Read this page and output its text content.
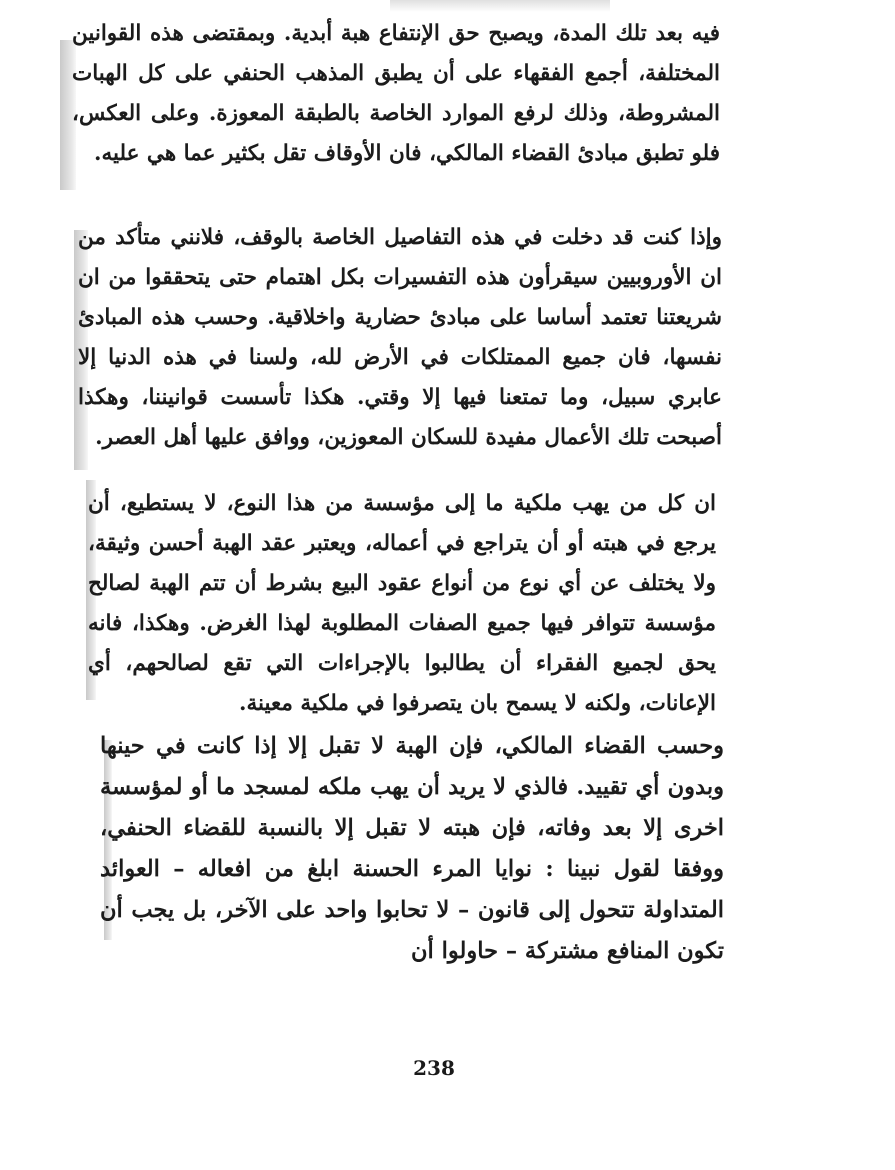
فيه بعد تلك المدة، ويصبح حق الإنتفاع هبة أبدية. وبمقتضى هذه القوانين المختلفة، أجمع الفقهاء على أن يطبق المذهب الحنفي على كل الهبات المشروطة، وذلك لرفع الموارد الخاصة بالطبقة المعوزة. وعلى العكس، فلو تطبق مبادئ القضاء المالكي، فان الأوقاف تقل بكثير عما هي عليه.

وإذا كنت قد دخلت في هذه التفاصيل الخاصة بالوقف، فلانني متأكد من ان الأوروبيين سيقرأون هذه التفسيرات بكل اهتمام حتى يتحققوا من ان شريعتنا تعتمد أساسا على مبادئ حضارية واخلاقية. وحسب هذه المبادئ نفسها، فان جميع الممتلكات في الأرض لله، ولسنا في هذه الدنيا إلا عابري سبيل، وما تمتعنا فيها إلا وقتي. هكذا تأسست قوانيننا، وهكذا أصبحت تلك الأعمال مفيدة للسكان المعوزين، ووافق عليها أهل العصر.

ان كل من يهب ملكية ما إلى مؤسسة من هذا النوع، لا يستطيع، أن يرجع في هبته أو أن يتراجع في أعماله، ويعتبر عقد الهبة أحسن وثيقة، ولا يختلف عن أي نوع من أنواع عقود البيع بشرط أن تتم الهبة لصالح مؤسسة تتوافر فيها جميع الصفات المطلوبة لهذا الغرض. وهكذا، فانه يحق لجميع الفقراء أن يطالبوا بالإجراءات التي تقع لصالحهم، أي الإعانات، ولكنه لا يسمح بان يتصرفوا في ملكية معينة.

وحسب القضاء المالكي، فإن الهبة لا تقبل إلا إذا كانت في حينها وبدون أي تقييد. فالذي لا يريد أن يهب ملكه لمسجد ما أو لمؤسسة اخرى إلا بعد وفاته، فإن هبته لا تقبل إلا بالنسبة للقضاء الحنفي، ووفقا لقول نبينا : نوايا المرء الحسنة ابلغ من افعاله – العوائد المتداولة تتحول إلى قانون – لا تحابوا واحد على الآخر، بل يجب أن تكون المنافع مشتركة – حاولوا أن

238
